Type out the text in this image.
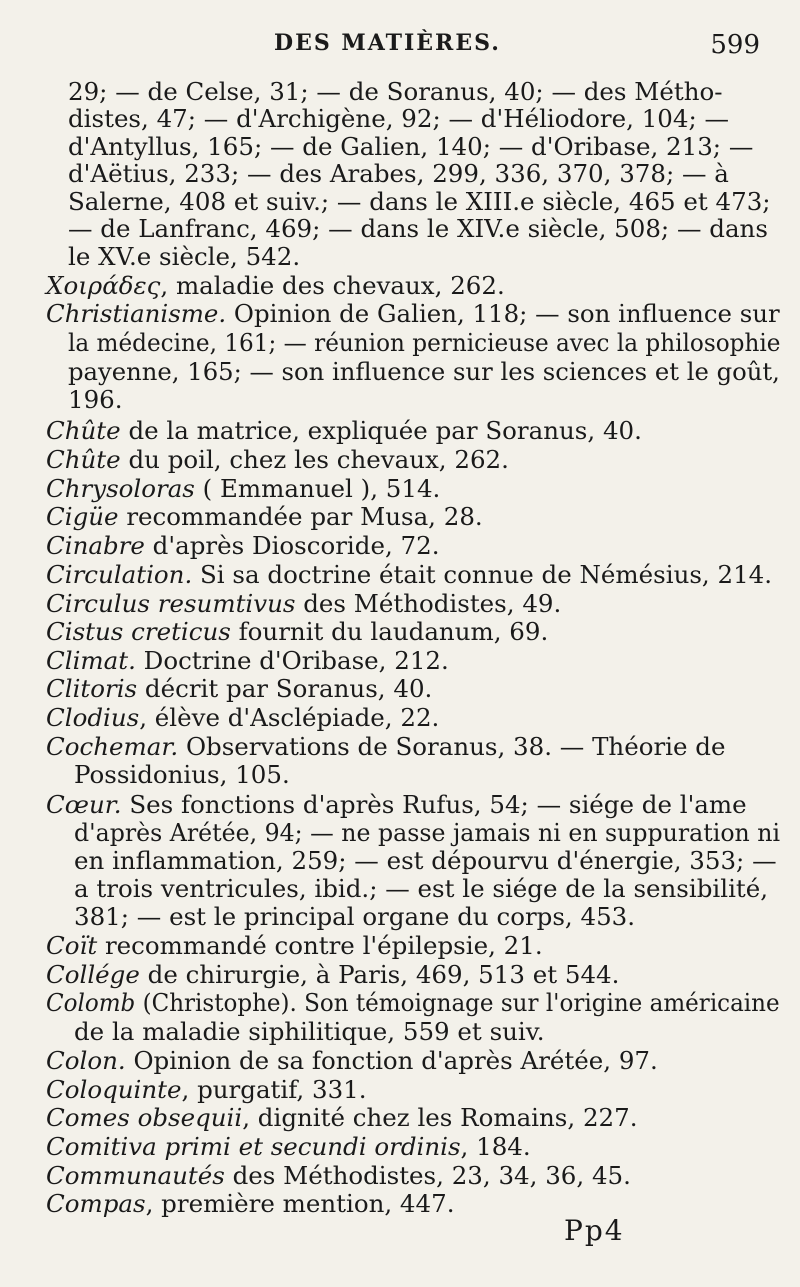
DES MATIÈRES.	599
29; — de Celse, 31; — de Soranus, 40; — des Métho-
distes, 47; — d'Archigène, 92; — d'Héliodore, 104; —
d'Antyllus, 165; — de Galien, 140; — d'Oribase, 213; —
d'Aëtius, 233; — des Arabes, 299, 336, 370, 378; — à
Salerne, 408 et suiv.; — dans le XIII.e siècle, 465 et 473;
— de Lanfranc, 469; — dans le XIV.e siècle, 508; — dans
le XV.e siècle, 542.
Χοιράδες, maladie des chevaux, 262.
Christianisme. Opinion de Galien, 118; — son influence sur
la médecine, 161; — réunion pernicieuse avec la philosophie
payenne, 165; — son influence sur les sciences et le goût,
196.
Chûte de la matrice, expliquée par Soranus, 40.
Chûte du poil, chez les chevaux, 262.
Chrysoloras ( Emmanuel ), 514.
Cigüe recommandée par Musa, 28.
Cinabre d'après Dioscoride, 72.
Circulation. Si sa doctrine était connue de Némésius, 214.
Circulus resumtivus des Méthodistes, 49.
Cistus creticus fournit du laudanum, 69.
Climat. Doctrine d'Oribase, 212.
Clitoris décrit par Soranus, 40.
Clodius, élève d'Asclépiade, 22.
Cochemar. Observations de Soranus, 38. — Théorie de
Possidonius, 105.
Cœur. Ses fonctions d'après Rufus, 54; — siége de l'ame
d'après Arétée, 94; — ne passe jamais ni en suppuration ni
en inflammation, 259; — est dépourvu d'énergie, 353; —
a trois ventricules, ibid.; — est le siége de la sensibilité,
381; — est le principal organe du corps, 453.
Coït recommandé contre l'épilepsie, 21.
Collége de chirurgie, à Paris, 469, 513 et 544.
Colomb (Christophe). Son témoignage sur l'origine américaine
de la maladie siphilitique, 559 et suiv.
Colon. Opinion de sa fonction d'après Arétée, 97.
Coloquinte, purgatif, 331.
Comes obsequii, dignité chez les Romains, 227.
Comitiva primi et secundi ordinis, 184.
Communautés des Méthodistes, 23, 34, 36, 45.
Compas, première mention, 447.
Pp4
